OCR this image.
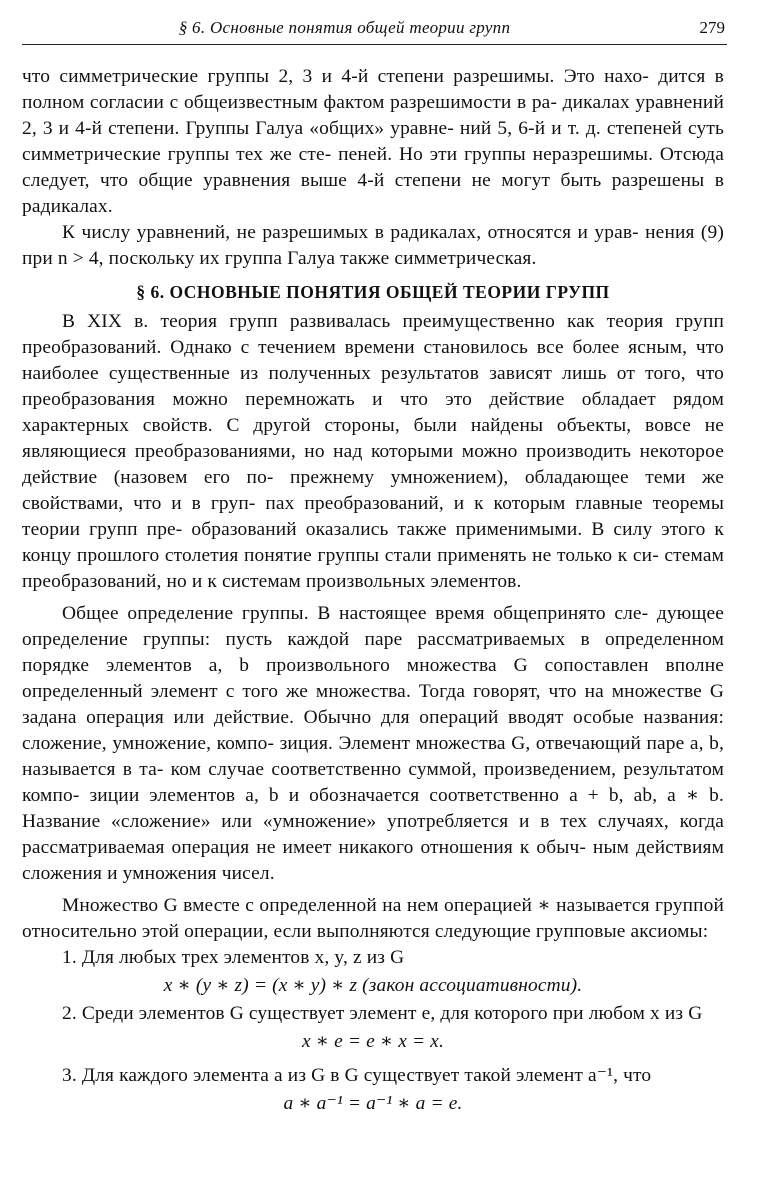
§ 6. Основные понятия общей теории групп	279

что симметрические группы 2, 3 и 4-й степени разрешимы. Это нахо- дится в полном согласии с общеизвестным фактом разрешимости в ра- дикалах уравнений 2, 3 и 4-й степени. Группы Галуа «общих» уравне- ний 5, 6-й и т. д. степеней суть симметрические группы тех же сте- пеней. Но эти группы неразрешимы. Отсюда следует, что общие уравнения выше 4-й степени не могут быть разрешены в радикалах.

К числу уравнений, не разрешимых в радикалах, относятся и урав- нения (9) при n > 4, поскольку их группа Галуа также симметрическая.

§ 6. ОСНОВНЫЕ ПОНЯТИЯ ОБЩЕЙ ТЕОРИИ ГРУПП

В XIX в. теория групп развивалась преимущественно как теория групп преобразований. Однако с течением времени становилось все более ясным, что наиболее существенные из полученных результатов зависят лишь от того, что преобразования можно перемножать и что это действие обладает рядом характерных свойств. С другой стороны, были найдены объекты, вовсе не являющиеся преобразованиями, но над которыми можно производить некоторое действие (назовем его по- прежнему умножением), обладающее теми же свойствами, что и в груп- пах преобразований, и к которым главные теоремы теории групп пре- образований оказались также применимыми. В силу этого к концу прошлого столетия понятие группы стали применять не только к си- стемам преобразований, но и к системам произвольных элементов.

Общее определение группы. В настоящее время общепринято сле- дующее определение группы: пусть каждой паре рассматриваемых в определенном порядке элементов a, b произвольного множества G сопоставлен вполне определенный элемент c того же множества. Тогда говорят, что на множестве G задана операция или действие. Обычно для операций вводят особые названия: сложение, умножение, компо- зиция. Элемент множества G, отвечающий паре a, b, называется в та- ком случае соответственно суммой, произведением, результатом компо- зиции элементов a, b и обозначается соответственно a + b, ab, a ∗ b. Название «сложение» или «умножение» употребляется и в тех случаях, когда рассматриваемая операция не имеет никакого отношения к обыч- ным действиям сложения и умножения чисел.

Множество G вместе с определенной на нем операцией ∗ называется группой относительно этой операции, если выполняются следующие групповые аксиомы:

1. Для любых трех элементов x, y, z из G

x ∗ (y ∗ z) = (x ∗ y) ∗ z (закон ассоциативности).

2. Среди элементов G существует элемент e, для которого при любом x из G

x ∗ e = e ∗ x = x.

3. Для каждого элемента a из G в G существует такой элемент a⁻¹, что

a ∗ a⁻¹ = a⁻¹ ∗ a = e.
